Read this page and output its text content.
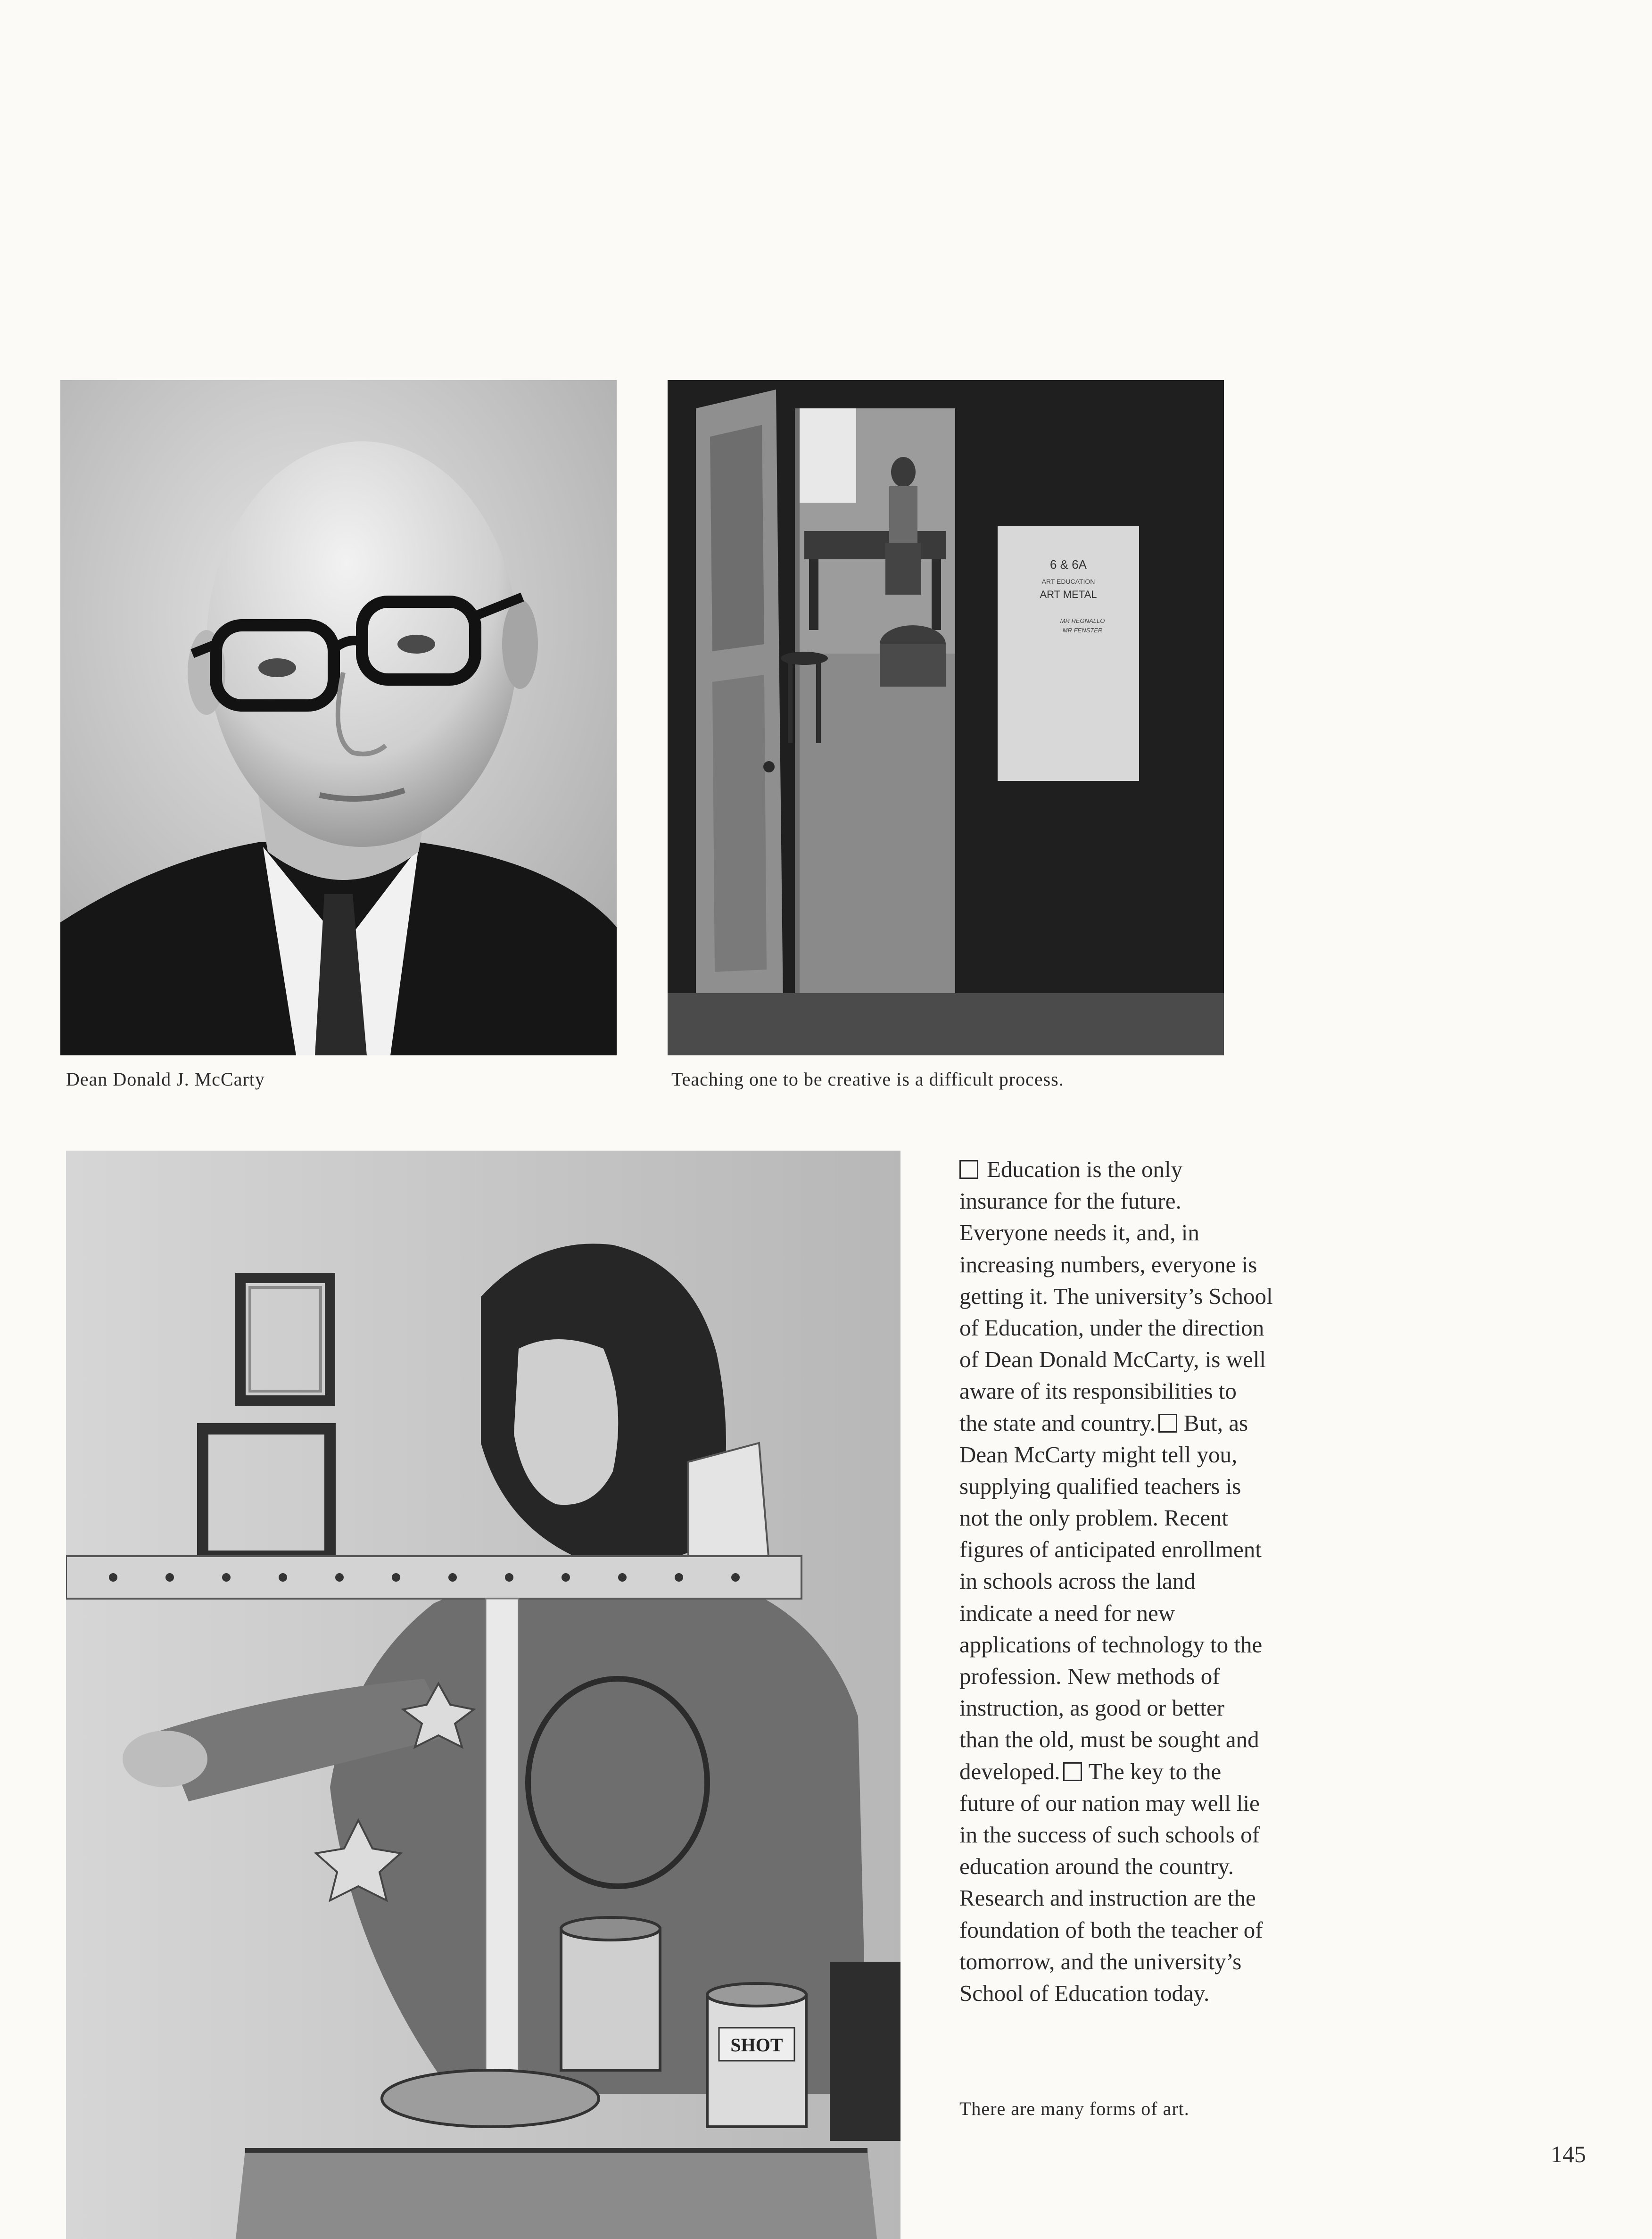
Dean Donald J. McCarty
6 & 6A
ART EDUCATION
ART METAL
MR REGNALLO
MR FENSTER
Teaching one to be creative is a difficult process.
SHOT
Education is the only
insurance for the future.
Everyone needs it, and, in
increasing numbers, everyone is
getting it. The university’s School
of Education, under the direction
of Dean Donald McCarty, is well
aware of its responsibilities to
the state and country. But, as
Dean McCarty might tell you,
supplying qualified teachers is
not the only problem. Recent
figures of anticipated enrollment
in schools across the land
indicate a need for new
applications of technology to the
profession. New methods of
instruction, as good or better
than the old, must be sought and
developed. The key to the
future of our nation may well lie
in the success of such schools of
education around the country.
Research and instruction are the
foundation of both the teacher of
tomorrow, and the university’s
School of Education today.
There are many forms of art.
145
